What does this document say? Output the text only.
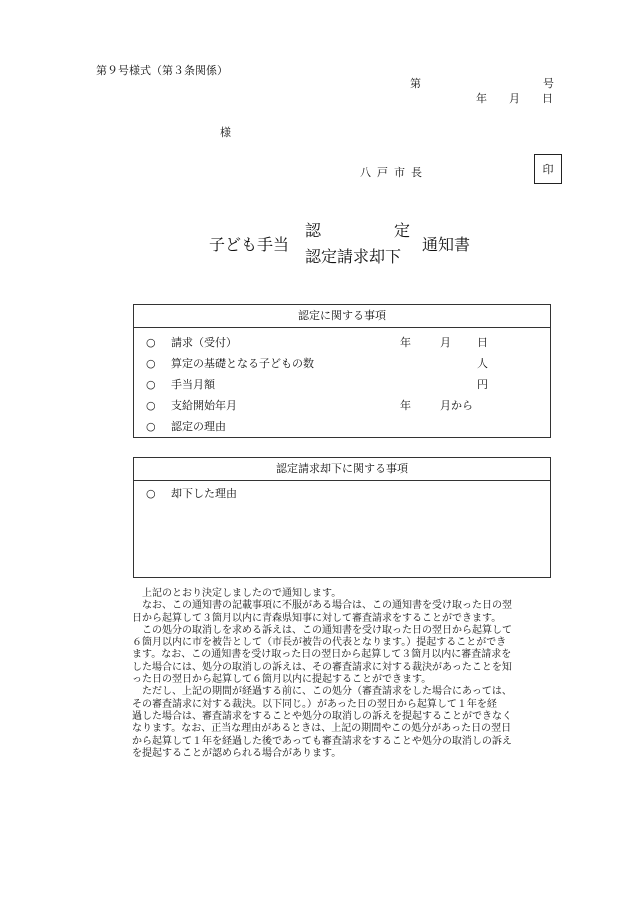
第９号様式（第３条関係）
第	号
年 月 日
様
八戸市長	印
子ども手当
認	定
認定請求却下
通知書
認定に関する事項
○ 請求（受付）	年	月 日
○ 算定の基礎となる子どもの数	人
○ 手当月額	円
○ 支給開始年月	年	月から
○ 認定の理由
認定請求却下に関する事項
○ 却下した理由
　上記のとおり決定しましたので通知します。
　なお、この通知書の記載事項に不服がある場合は、この通知書を受け取った日の翌
日から起算して３箇月以内に青森県知事に対して審査請求をすることができます。
　この処分の取消しを求める訴えは、この通知書を受け取った日の翌日から起算して
６箇月以内に市を被告として（市長が被告の代表となります。）提起することができ
ます。なお、この通知書を受け取った日の翌日から起算して３箇月以内に審査請求を
した場合には、処分の取消しの訴えは、その審査請求に対する裁決があったことを知
った日の翌日から起算して６箇月以内に提起することができます。
　ただし、上記の期間が経過する前に、この処分（審査請求をした場合にあっては、
その審査請求に対する裁決。以下同じ。）があった日の翌日から起算して１年を経
過した場合は、審査請求をすることや処分の取消しの訴えを提起することができなく
なります。なお、正当な理由があるときは、上記の期間やこの処分があった日の翌日
から起算して１年を経過した後であっても審査請求をすることや処分の取消しの訴え
を提起することが認められる場合があります。
